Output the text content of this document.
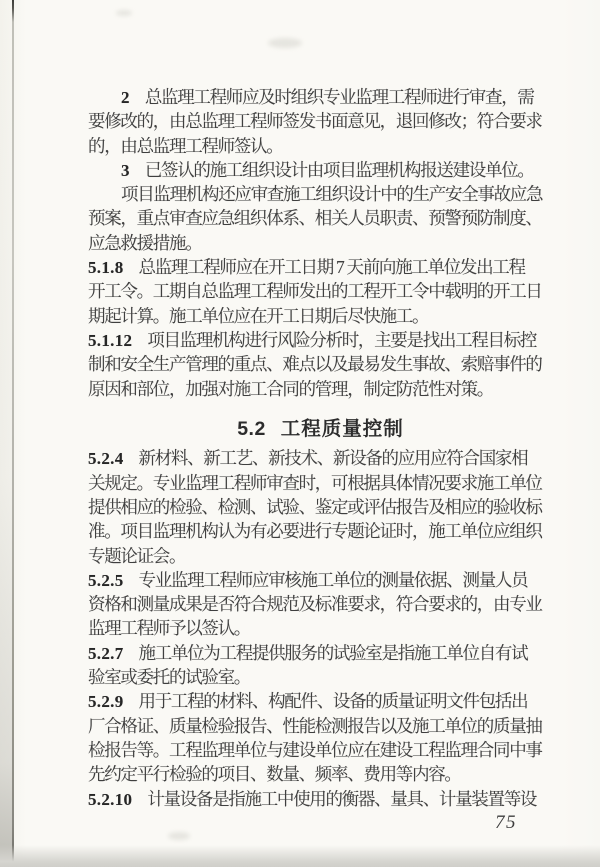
2 总监理工程师应及时组织专业监理工程师进行审查，需
要修改的，由总监理工程师签发书面意见，退回修改；符合要求
的，由总监理工程师签认。
3 已签认的施工组织设计由项目监理机构报送建设单位。
项目监理机构还应审查施工组织设计中的生产安全事故应急
预案，重点审查应急组织体系、相关人员职责、预警预防制度、
应急救援措施。
5.1.8 总监理工程师应在开工日期 7 天前向施工单位发出工程
开工令。工期自总监理工程师发出的工程开工令中载明的开工日
期起计算。施工单位应在开工日期后尽快施工。
5.1.12 项目监理机构进行风险分析时，主要是找出工程目标控
制和安全生产管理的重点、难点以及最易发生事故、索赔事件的
原因和部位，加强对施工合同的管理，制定防范性对策。
5.2 工程质量控制
5.2.4 新材料、新工艺、新技术、新设备的应用应符合国家相
关规定。专业监理工程师审查时，可根据具体情况要求施工单位
提供相应的检验、检测、试验、鉴定或评估报告及相应的验收标
准。项目监理机构认为有必要进行专题论证时，施工单位应组织
专题论证会。
5.2.5 专业监理工程师应审核施工单位的测量依据、测量人员
资格和测量成果是否符合规范及标准要求，符合要求的，由专业
监理工程师予以签认。
5.2.7 施工单位为工程提供服务的试验室是指施工单位自有试
验室或委托的试验室。
5.2.9 用于工程的材料、构配件、设备的质量证明文件包括出
厂合格证、质量检验报告、性能检测报告以及施工单位的质量抽
检报告等。工程监理单位与建设单位应在建设工程监理合同中事
先约定平行检验的项目、数量、频率、费用等内容。
5.2.10 计量设备是指施工中使用的衡器、量具、计量装置等设
75
